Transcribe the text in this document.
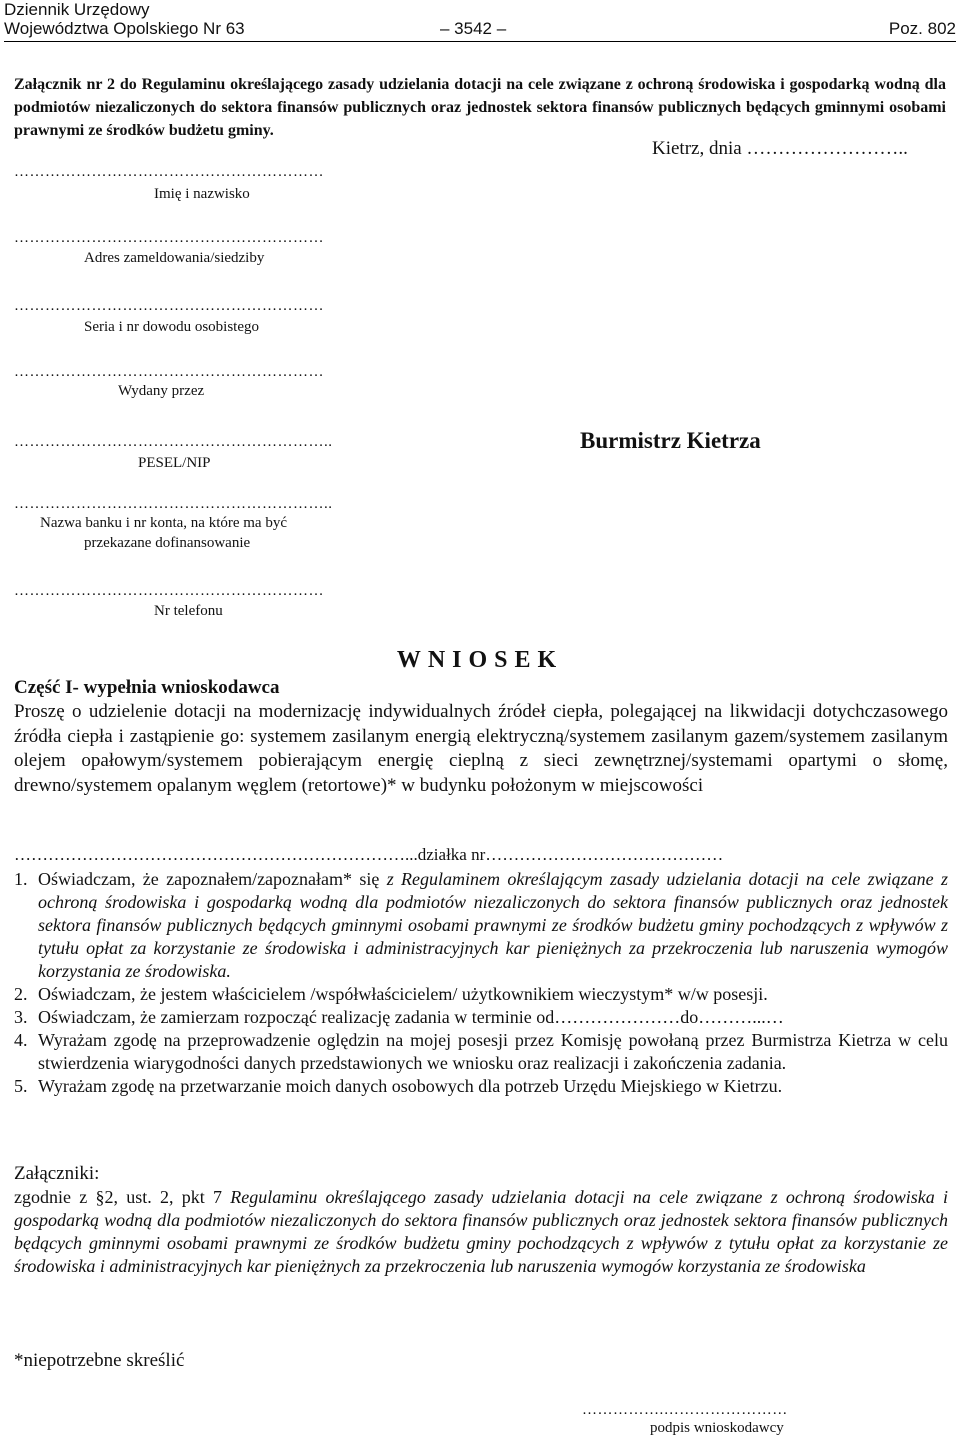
Dziennik Urzędowy
Województwa Opolskiego Nr 63	– 3542 –	Poz. 802
Załącznik nr 2 do Regulaminu określającego zasady udzielania dotacji na cele związane z ochroną środowiska i gospodarką wodną dla podmiotów niezaliczonych do sektora finansów publicznych oraz jednostek sektora finansów publicznych będących gminnymi osobami prawnymi ze środków budżetu gminy.
Kietrz, dnia ……………………..
……………………………………………………
Imię i nazwisko
……………………………………………………
Adres zameldowania/siedziby
……………………………………………………
Seria i nr dowodu osobistego
……………………………………………………
Wydany przez
……………………………………………………..
PESEL/NIP
Burmistrz Kietrza
……………………………………………………..
Nazwa banku i nr konta, na które ma być
przekazane dofinansowanie
……………………………………………………
Nr telefonu
WNIOSEK
Część I- wypełnia wnioskodawca
Proszę o udzielenie dotacji na modernizację indywidualnych źródeł ciepła, polegającej na likwidacji dotychczasowego źródła ciepła i zastąpienie go: systemem zasilanym energią elektryczną/systemem zasilanym gazem/systemem zasilanym olejem opałowym/systemem pobierającym energię cieplną z sieci zewnętrznej/systemami opartymi o słomę, drewno/systemem opalanym węglem (retortowe)* w budynku położonym w miejscowości
……………………………………………………………...działka nr……………………………………
1. Oświadczam, że zapoznałem/zapoznałam* się z Regulaminem określającym zasady udzielania dotacji na cele związane z ochroną środowiska i gospodarką wodną dla podmiotów niezaliczonych do sektora finansów publicznych oraz jednostek sektora finansów publicznych będących gminnymi osobami prawnymi ze środków budżetu gminy pochodzących z wpływów z tytułu opłat za korzystanie ze środowiska i administracyjnych kar pieniężnych za przekroczenia lub naruszenia wymogów korzystania ze środowiska.
2. Oświadczam, że jestem właścicielem /współwłaścicielem/ użytkownikiem wieczystym* w/w posesji.
3. Oświadczam, że zamierzam rozpocząć realizację zadania w terminie od…………………do………...…
4. Wyrażam zgodę na przeprowadzenie oględzin na mojej posesji przez Komisję powołaną przez Burmistrza Kietrza w celu stwierdzenia wiarygodności danych przedstawionych we wniosku oraz realizacji i zakończenia zadania.
5. Wyrażam zgodę na przetwarzanie moich danych osobowych dla potrzeb Urzędu Miejskiego w Kietrzu.
Załączniki:
zgodnie z §2, ust. 2, pkt 7 Regulaminu określającego zasady udzielania dotacji na cele związane z ochroną środowiska i gospodarką wodną dla podmiotów niezaliczonych do sektora finansów publicznych oraz jednostek sektora finansów publicznych będących gminnymi osobami prawnymi ze środków budżetu gminy pochodzących z wpływów z tytułu opłat za korzystanie ze środowiska i administracyjnych kar pieniężnych za przekroczenia lub naruszenia wymogów korzystania ze środowiska
*niepotrzebne skreślić
…………….……………………
podpis wnioskodawcy
